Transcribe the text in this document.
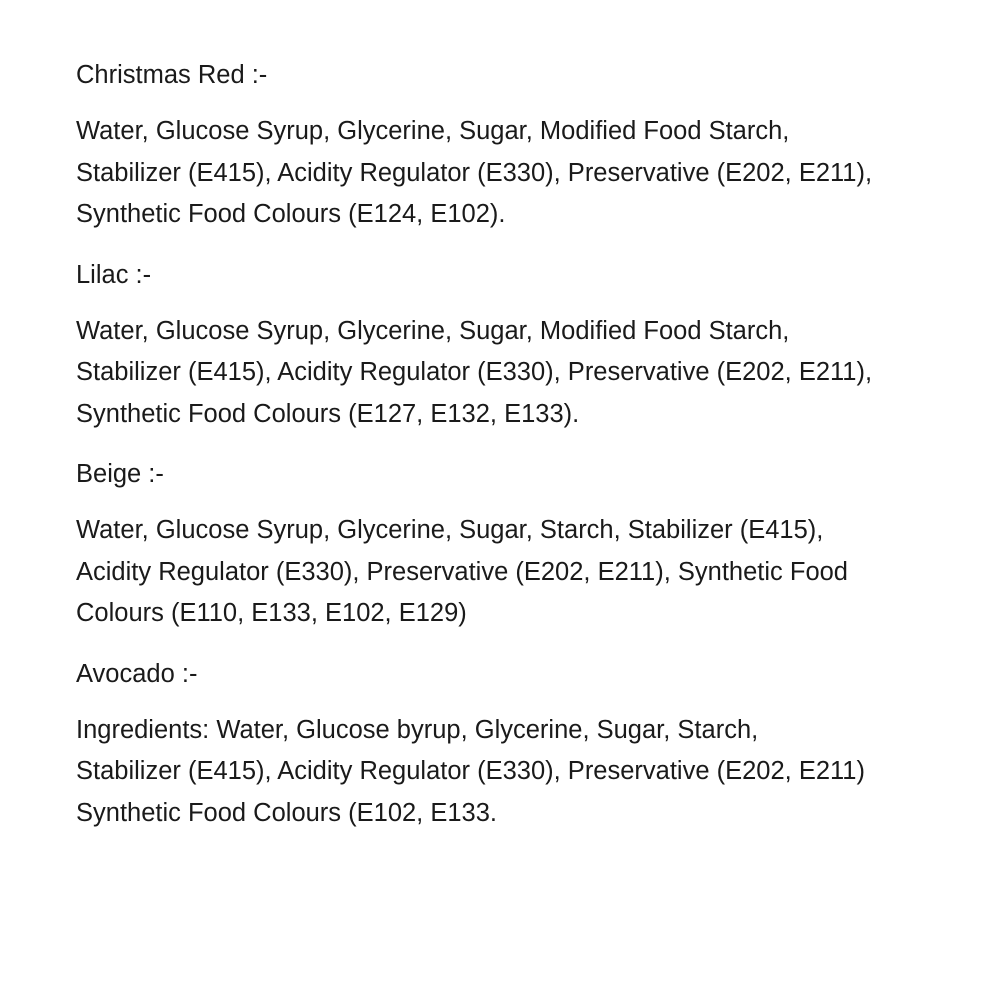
Christmas Red :-
Water, Glucose Syrup, Glycerine, Sugar, Modified Food Starch,
Stabilizer (E415), Acidity Regulator (E330), Preservative (E202, E211),
Synthetic Food Colours (E124, E102).
Lilac :-
Water, Glucose Syrup, Glycerine, Sugar, Modified Food Starch,
Stabilizer (E415), Acidity Regulator (E330), Preservative (E202, E211),
Synthetic Food Colours (E127, E132, E133).
Beige :-
Water, Glucose Syrup, Glycerine, Sugar, Starch, Stabilizer (E415),
Acidity Regulator (E330), Preservative (E202, E211), Synthetic Food
Colours (E110, E133, E102, E129)
Avocado :-
Ingredients: Water, Glucose byrup, Glycerine, Sugar, Starch,
Stabilizer (E415), Acidity Regulator (E330), Preservative (E202, E211)
Synthetic Food Colours (E102, E133.
